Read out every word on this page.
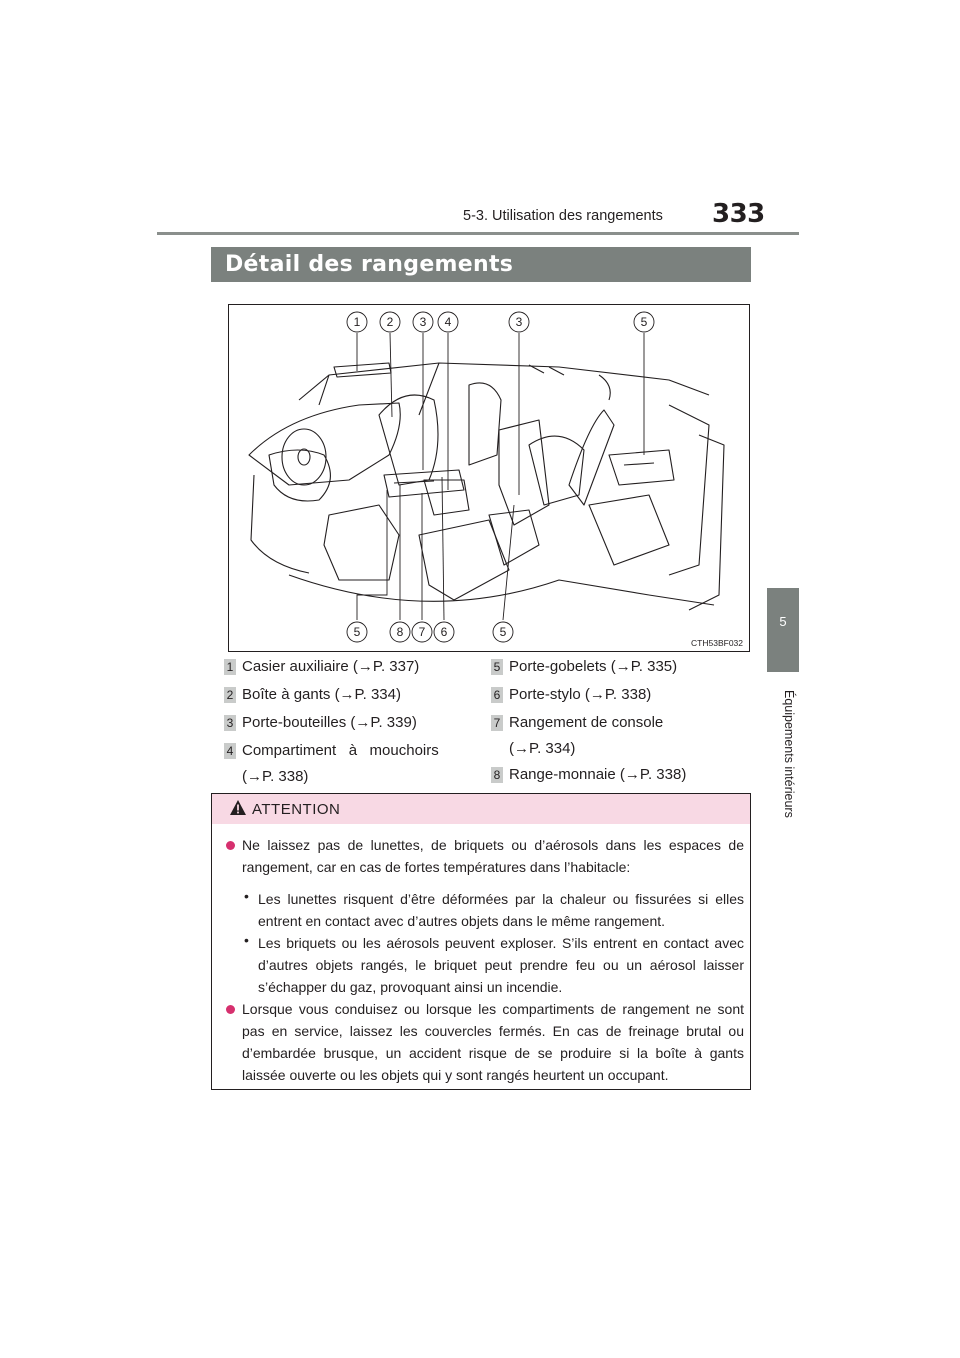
5-3. Utilisation des rangements 333
5
Équipements intérieurs
Détail des rangements
1 2 3 4	3	5
5	8 7 6	5
CTH53BF032
1 Casier auxiliaire (→P. 337)
2 Boîte à gants (→P. 334)
3 Porte-bouteilles (→P. 339)
4 Compartiment   à   mouchoirs
(→P. 338)
5 Porte-gobelets (→P. 335)
6 Porte-stylo (→P. 338)
7 Rangement de console
(→P. 334)
8 Range-monnaie (→P. 338)
ATTENTION
Ne laissez pas de lunettes, de briquets ou d’aérosols dans les espaces de rangement, car en cas de fortes températures dans l’habitacle:
• Les lunettes risquent d’être déformées par la chaleur ou fissurées si elles entrent en contact avec d’autres objets dans le même rangement.
• Les briquets ou les aérosols peuvent exploser. S’ils entrent en contact avec d’autres objets rangés, le briquet peut prendre feu ou un aérosol laisser s’échapper du gaz, provoquant ainsi un incendie.
Lorsque vous conduisez ou lorsque les compartiments de rangement ne sont pas en service, laissez les couvercles fermés. En cas de freinage brutal ou d’embardée brusque, un accident risque de se produire si la boîte à gants laissée ouverte ou les objets qui y sont rangés heurtent un occupant.
